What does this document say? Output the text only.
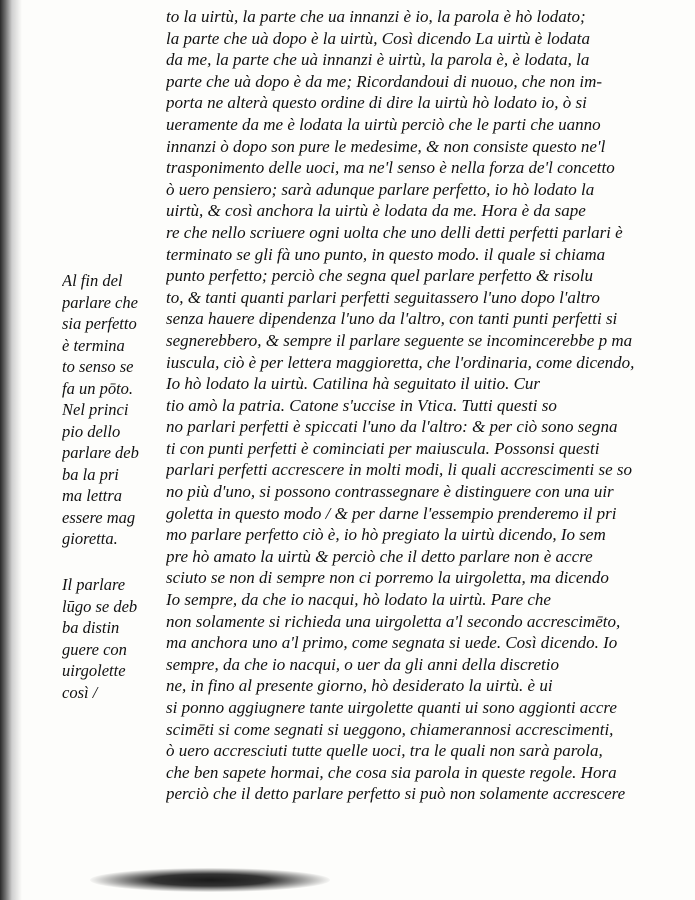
to la uirtù, la parte che ua innanzi è io, la parola è hò lodato;
la parte che uà dopo è la uirtù, Così dicendo La uirtù è lodata
da me, la parte che uà innanzi è uirtù, la parola è, è lodata, la
parte che uà dopo è da me; Ricordandoui di nuouo, che non im-
porta ne alterà questo ordine di dire la uirtù hò lodato io, ò si
ueramente da me è lodata la uirtù perciò che le parti che uanno
innanzi ò dopo son pure le medesime, & non consiste questo ne'l
trasponimento delle uoci, ma ne'l senso è nella forza de'l concetto
ò uero pensiero; sarà adunque parlare perfetto, io hò lodato la
uirtù, & così anchora la uirtù è lodata da me. Hora è da sape
re che nello scriuere ogni uolta che uno delli detti perfetti parlari è
terminato se gli fà uno punto, in questo modo. il quale si chiama
punto perfetto; perciò che segna quel parlare perfetto & risolu
to, & tanti quanti parlari perfetti seguitassero l'uno dopo l'altro
senza hauere dipendenza l'uno da l'altro, con tanti punti perfetti si
segnerebbero, & sempre il parlare seguente se incomincerebbe p ma
iuscula, ciò è per lettera maggioretta, che l'ordinaria, come dicendo,
Io hò lodato la uirtù. Catilina hà seguitato il uitio. Cur
tio amò la patria. Catone s'uccise in Vtica. Tutti questi so
no parlari perfetti è spiccati l'uno da l'altro: & per ciò sono segna
ti con punti perfetti è cominciati per maiuscula. Possonsi questi
parlari perfetti accrescere in molti modi, li quali accrescimenti se so
no più d'uno, si possono contrassegnare è distinguere con una uir
goletta in questo modo / & per darne l'essempio prenderemo il pri
mo parlare perfetto ciò è, io hò pregiato la uirtù dicendo, Io sem
pre hò amato la uirtù & perciò che il detto parlare non è accre
sciuto se non di sempre non ci porremo la uirgoletta, ma dicendo
Io sempre, da che io nacqui, hò lodato la uirtù. Pare che
non solamente si richieda una uirgoletta a'l secondo accrescimēto,
ma anchora uno a'l primo, come segnata si uede. Così dicendo. Io
sempre, da che io nacqui, o uer da gli anni della discretio
ne, in fino al presente giorno, hò desiderato la uirtù. è ui
si ponno aggiugnere tante uirgolette quanti ui sono aggionti accre
scimēti si come segnati si ueggono, chiamerannosi accrescimenti,
ò uero accresciuti tutte quelle uoci, tra le quali non sarà parola,
che ben sapete hormai, che cosa sia parola in queste regole. Hora
perciò che il detto parlare perfetto si può non solamente accrescere
Al fin del
parlare che
sia perfetto
è termina
to senso se
fa un pōto.
Nel princi
pio dello
parlare deb
ba la pri
ma lettra
essere mag
gioretta.
Il parlare
lūgo se deb
ba distin
guere con
uirgolette
così /
